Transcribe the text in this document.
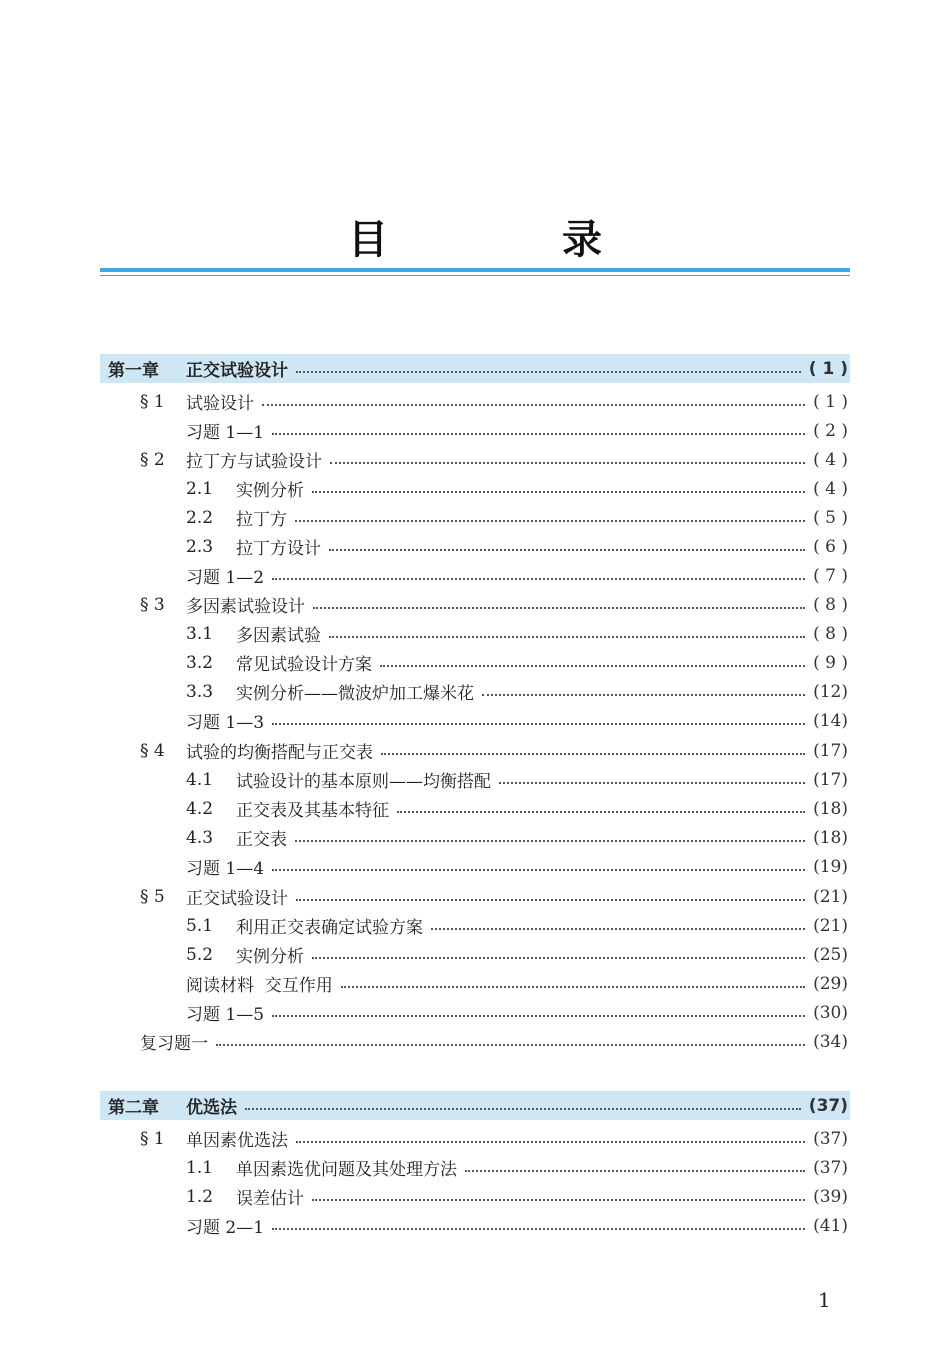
目 录
第一章	正交试验设计	( 1 )
§ 1	试验设计	( 1 )
习题 1—1	( 2 )
§ 2	拉丁方与试验设计	( 4 )
2.1	实例分析	( 4 )
2.2	拉丁方	( 5 )
2.3	拉丁方设计	( 6 )
习题 1—2	( 7 )
§ 3	多因素试验设计	( 8 )
3.1	多因素试验	( 8 )
3.2	常见试验设计方案	( 9 )
3.3	实例分析——微波炉加工爆米花	(12)
习题 1—3	(14)
§ 4	试验的均衡搭配与正交表	(17)
4.1	试验设计的基本原则——均衡搭配	(17)
4.2	正交表及其基本特征	(18)
4.3	正交表	(18)
习题 1—4	(19)
§ 5	正交试验设计	(21)
5.1	利用正交表确定试验方案	(21)
5.2	实例分析	(25)
阅读材料  交互作用	(29)
习题 1—5	(30)
复习题一	(34)
第二章	优选法	(37)
§ 1	单因素优选法	(37)
1.1	单因素选优问题及其处理方法	(37)
1.2	误差估计	(39)
习题 2—1	(41)
1
